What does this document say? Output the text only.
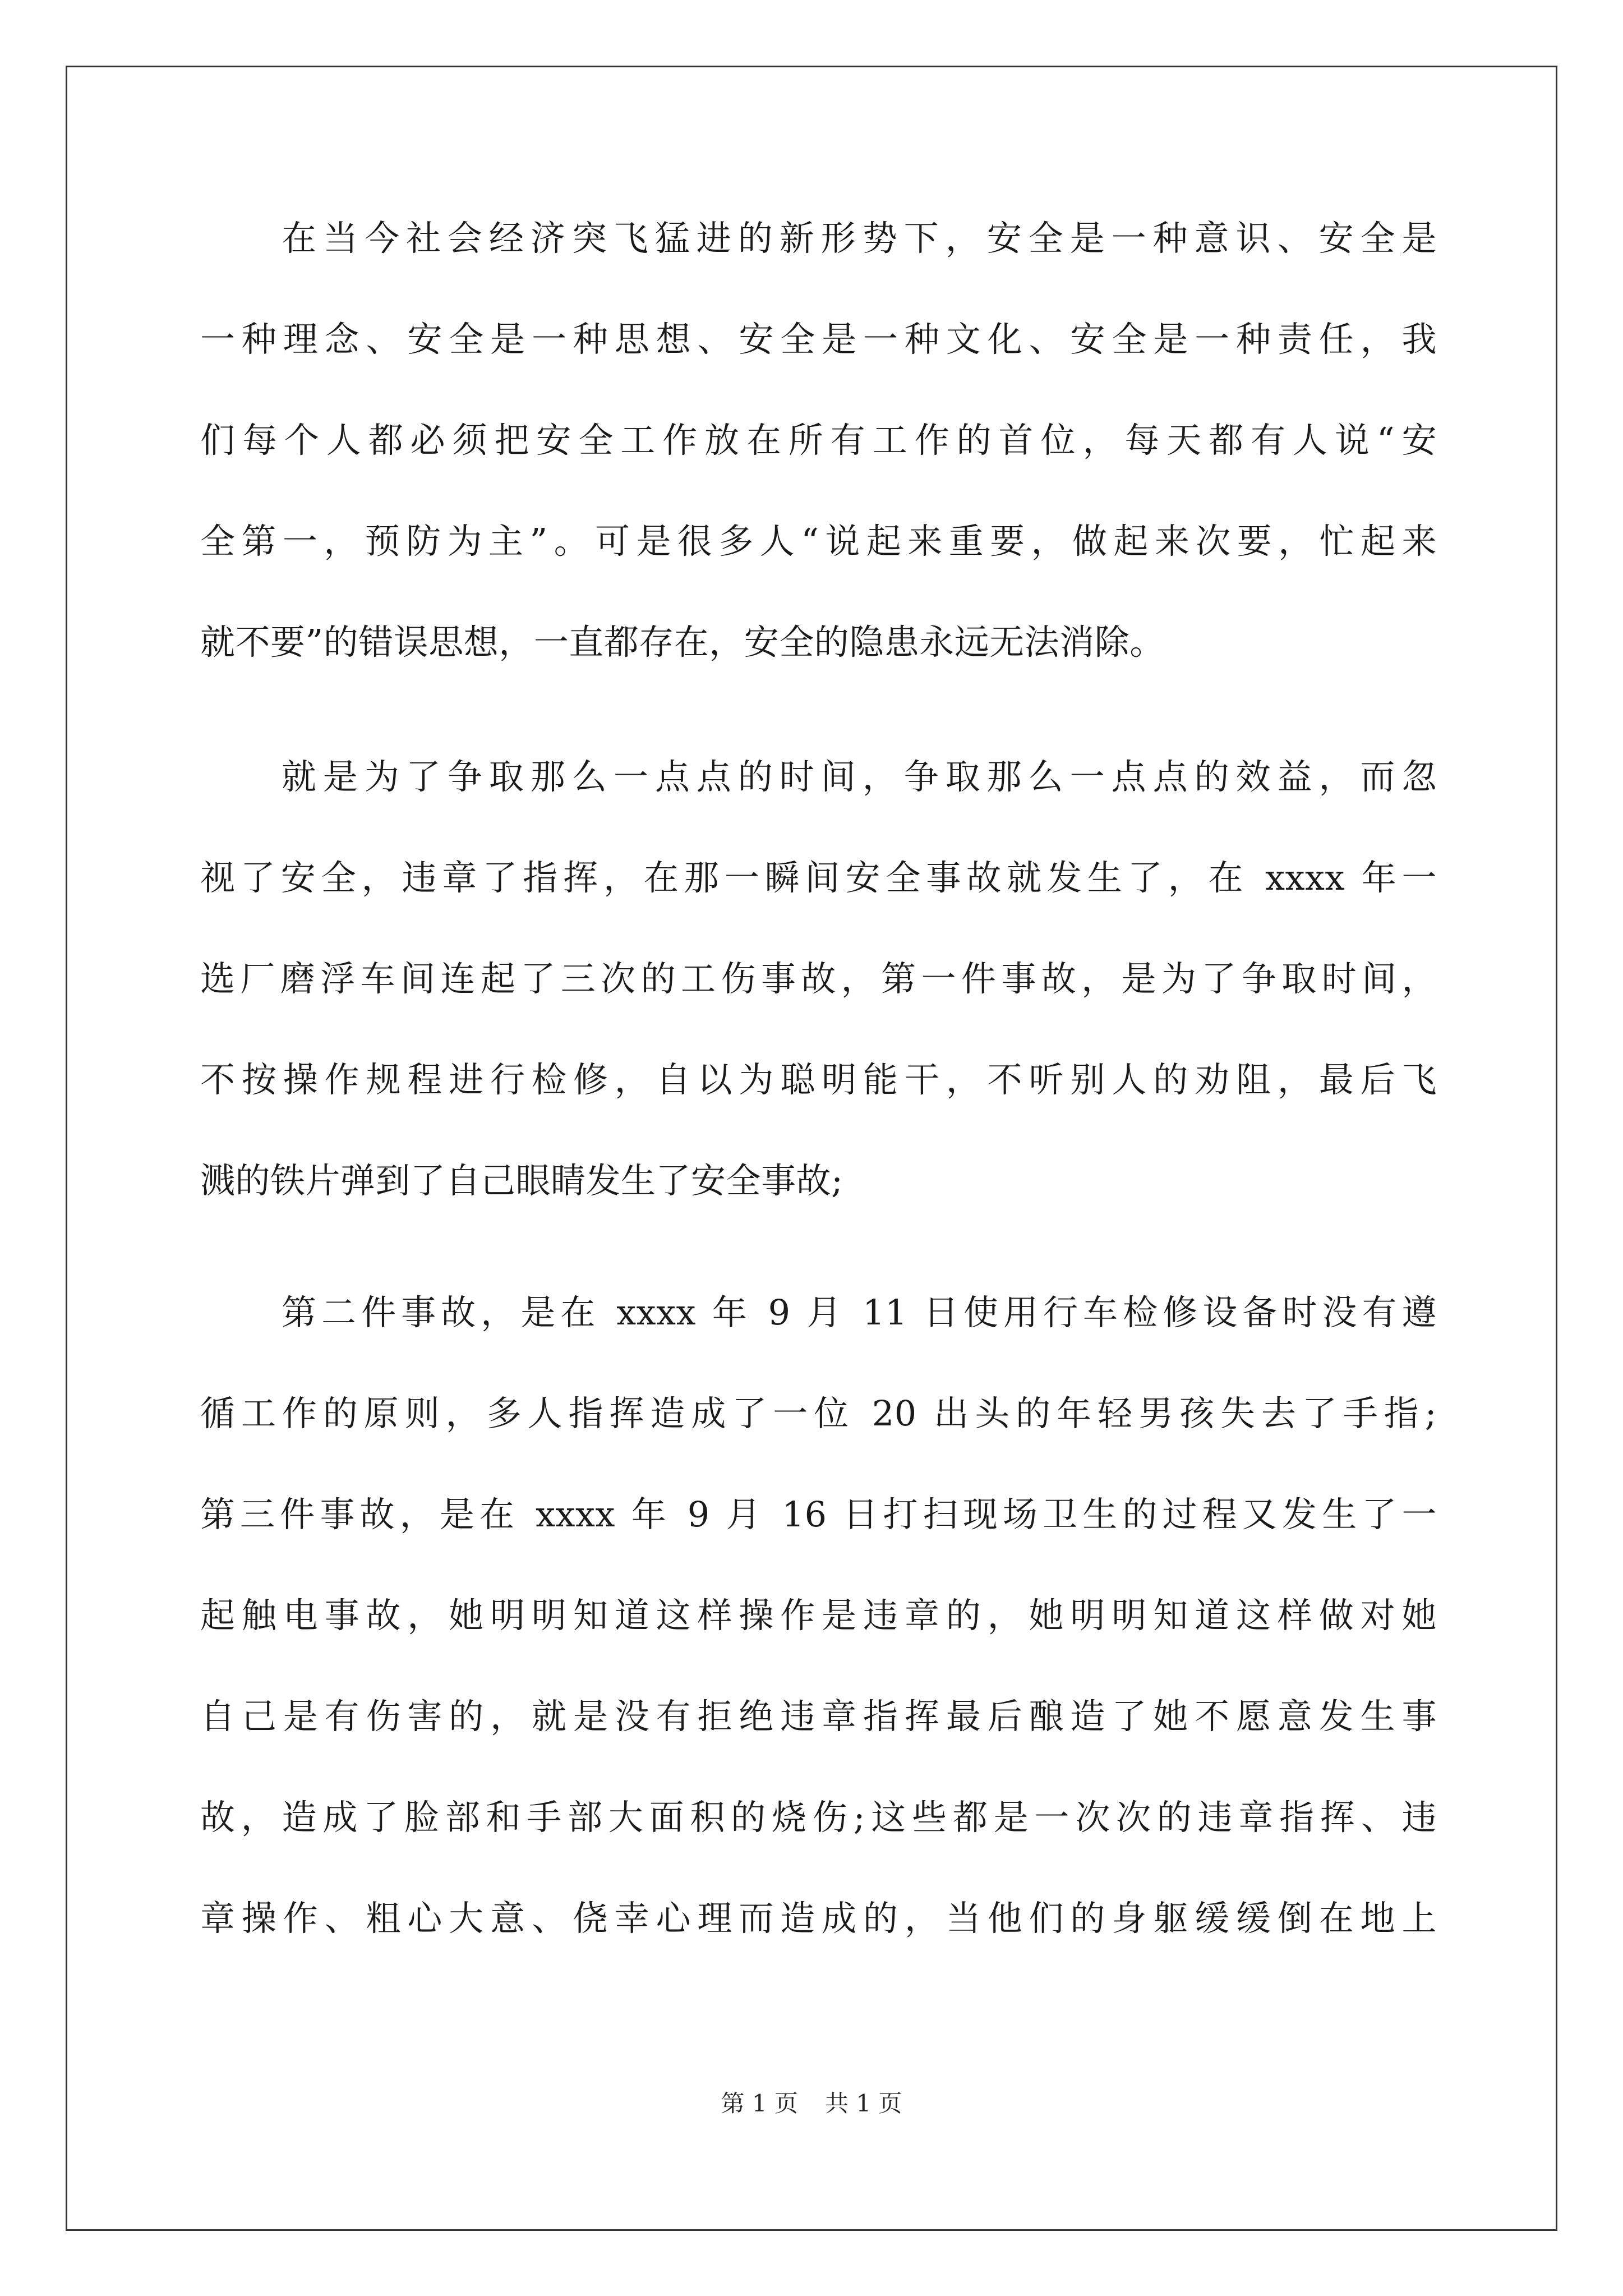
在当今社会经济突飞猛进的新形势下，安全是一种意识、安全是
一种理念、安全是一种思想、安全是一种文化、安全是一种责任，我
们每个人都必须把安全工作放在所有工作的首位，每天都有人说“安
全第一，预防为主”。可是很多人“说起来重要，做起来次要，忙起来
就不要”的错误思想，一直都存在，安全的隐患永远无法消除。
就是为了争取那么一点点的时间，争取那么一点点的效益，而忽
视了安全，违章了指挥，在那一瞬间安全事故就发生了，在 xxxx 年一
选厂磨浮车间连起了三次的工伤事故，第一件事故，是为了争取时间，
不按操作规程进行检修，自以为聪明能干，不听别人的劝阻，最后飞
溅的铁片弹到了自己眼睛发生了安全事故;
第二件事故，是在 xxxx 年 9 月 11 日使用行车检修设备时没有遵
循工作的原则，多人指挥造成了一位 20 出头的年轻男孩失去了手指;
第三件事故，是在 xxxx 年 9 月 16 日打扫现场卫生的过程又发生了一
起触电事故，她明明知道这样操作是违章的，她明明知道这样做对她
自己是有伤害的，就是没有拒绝违章指挥最后酿造了她不愿意发生事
故，造成了脸部和手部大面积的烧伤;这些都是一次次的违章指挥、违
章操作、粗心大意、侥幸心理而造成的，当他们的身躯缓缓倒在地上
第 1 页 共 1 页
